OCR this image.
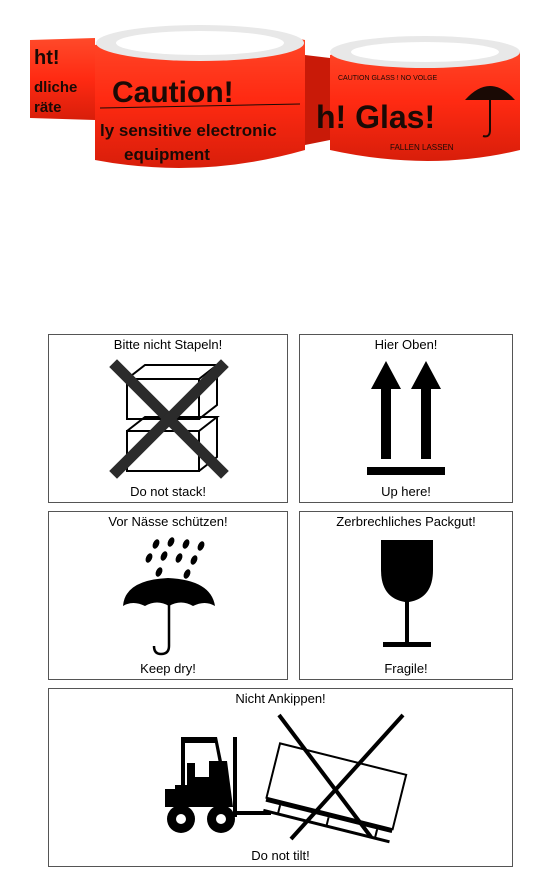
ht!
dliche
räte Caution!
ly sensitive electronic
equipment
CAUTION GLASS ! NO VOLGE
h! Glas!
FALLEN LASSEN
Bitte nicht Stapeln!
Do not stack!
Hier Oben!
Up here!
Vor Nässe schützen!
Keep dry!
Zerbrechliches Packgut!
Fragile!
Nicht Ankippen!
Do not tilt!
